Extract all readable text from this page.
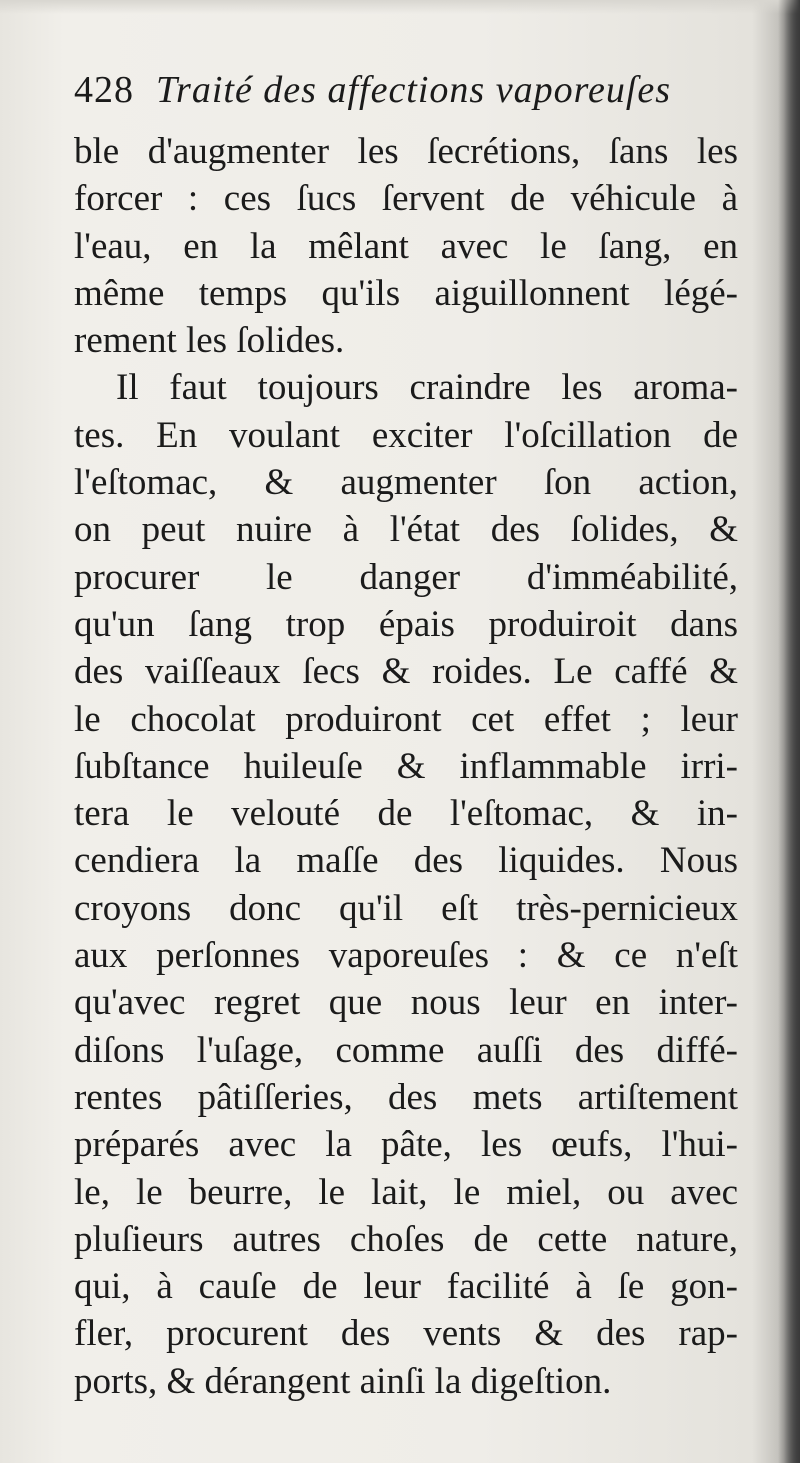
428 Traité des affections vaporeuſes
ble d'augmenter les ſecrétions, ſans les
forcer : ces ſucs ſervent de véhicule à
l'eau, en la mêlant avec le ſang, en
même temps qu'ils aiguillonnent légé-
rement les ſolides.
Il faut toujours craindre les aroma-
tes. En voulant exciter l'oſcillation de
l'eſtomac, & augmenter ſon action,
on peut nuire à l'état des ſolides, &
procurer le danger d'imméabilité,
qu'un ſang trop épais produiroit dans
des vaiſſeaux ſecs & roides. Le caffé &
le chocolat produiront cet effet ; leur
ſubſtance huileuſe & inflammable irri-
tera le velouté de l'eſtomac, & in-
cendiera la maſſe des liquides. Nous
croyons donc qu'il eſt très-pernicieux
aux perſonnes vaporeuſes : & ce n'eſt
qu'avec regret que nous leur en inter-
diſons l'uſage, comme auſſi des diffé-
rentes pâtiſſeries, des mets artiſtement
préparés avec la pâte, les œufs, l'hui-
le, le beurre, le lait, le miel, ou avec
pluſieurs autres choſes de cette nature,
qui, à cauſe de leur facilité à ſe gon-
fler, procurent des vents & des rap-
ports, & dérangent ainſi la digeſtion.
